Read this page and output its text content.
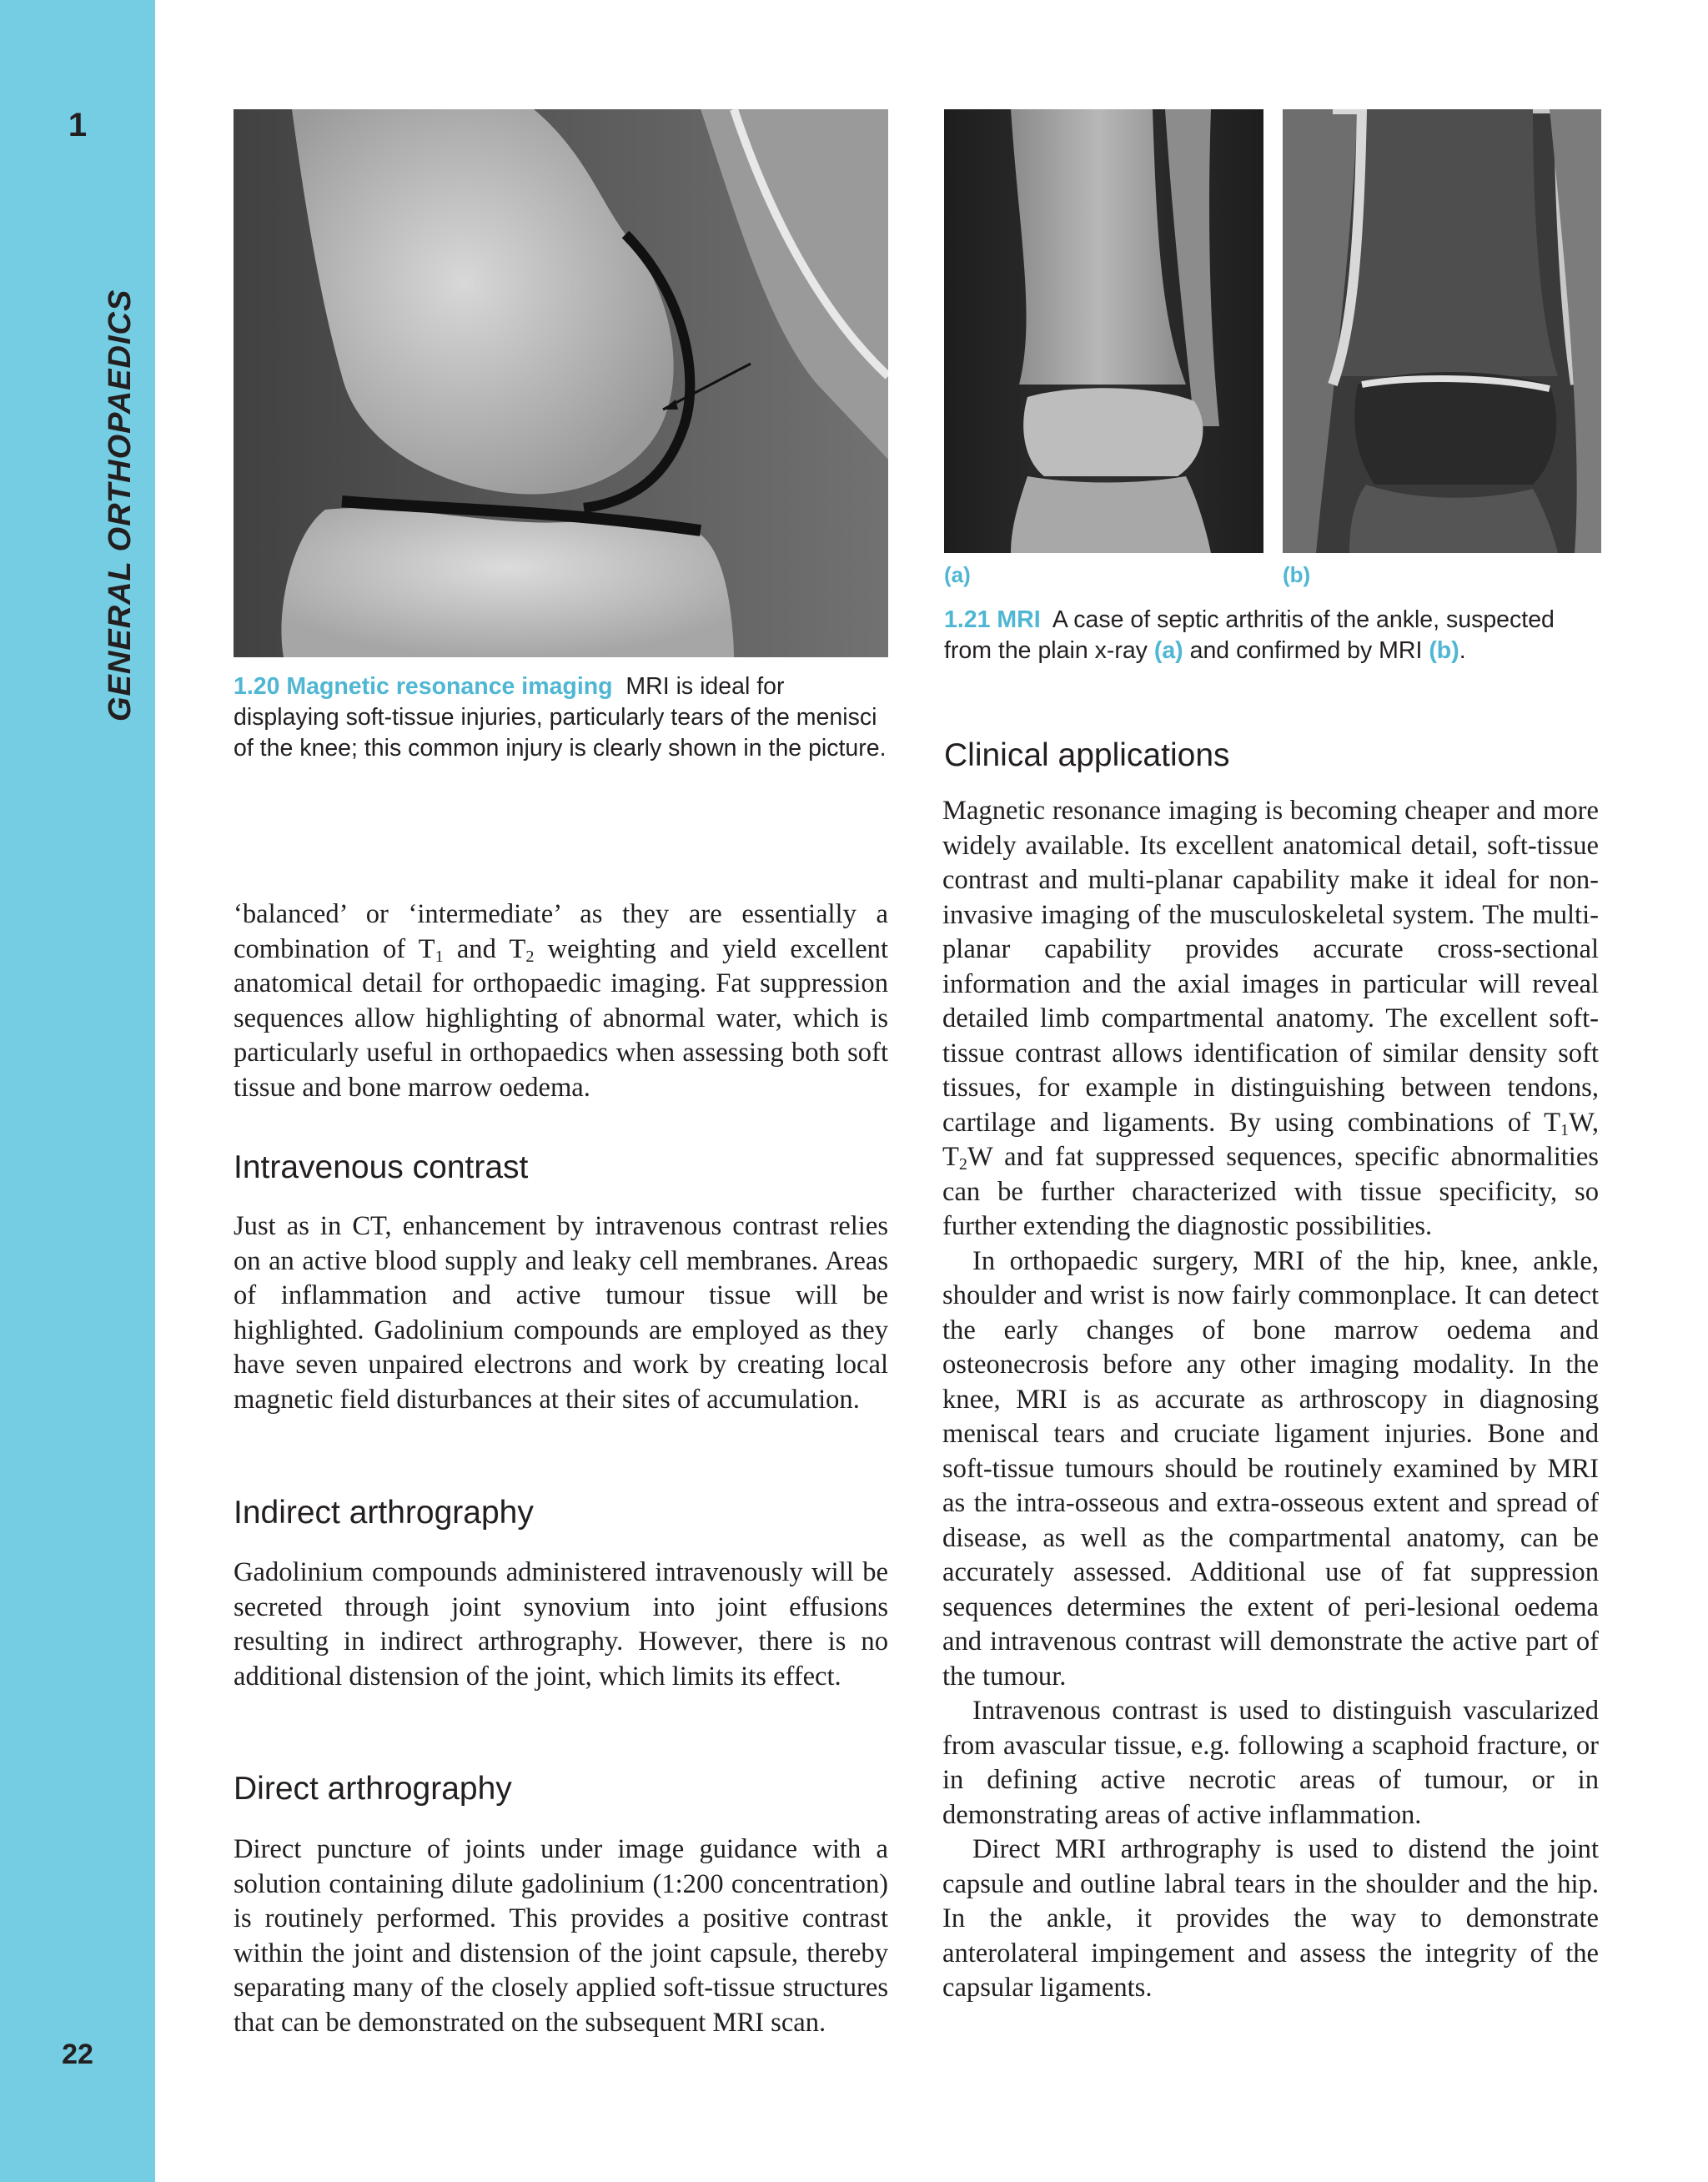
1
GENERAL ORTHOPAEDICS
22
1.20 Magnetic resonance imaging MRI is ideal for displaying soft-tissue injuries, particularly tears of the menisci of the knee; this common injury is clearly shown in the picture.
(a)	(b)
1.21 MRI A case of septic arthritis of the ankle, suspected from the plain x-ray (a) and confirmed by MRI (b).

‘balanced’ or ‘intermediate’ as they are essentially a combination of $T_1$ and $T_2$ weighting and yield excellent anatomical detail for orthopaedic imaging. Fat suppression sequences allow highlighting of abnormal water, which is particularly useful in orthopaedics when assessing both soft tissue and bone marrow oedema.

Intravenous contrast

Just as in CT, enhancement by intravenous contrast relies on an active blood supply and leaky cell membranes. Areas of inflammation and active tumour tissue will be highlighted. Gadolinium compounds are employed as they have seven unpaired electrons and work by creating local magnetic field disturbances at their sites of accumulation.

Indirect arthrography

Gadolinium compounds administered intravenously will be secreted through joint synovium into joint effusions resulting in indirect arthrography. However, there is no additional distension of the joint, which limits its effect.

Direct arthrography

Direct puncture of joints under image guidance with a solution containing dilute gadolinium (1:200 concentration) is routinely performed. This provides a positive contrast within the joint and distension of the joint capsule, thereby separating many of the closely applied soft-tissue structures that can be demonstrated on the subsequent MRI scan.

Clinical applications

Magnetic resonance imaging is becoming cheaper and more widely available. Its excellent anatomical detail, soft-tissue contrast and multi-planar capability make it ideal for non-invasive imaging of the musculoskeletal system. The multi-planar capability provides accurate cross-sectional information and the axial images in particular will reveal detailed limb compartmental anatomy. The excellent soft-tissue contrast allows identification of similar density soft tissues, for example in distinguishing between tendons, cartilage and ligaments. By using combinations of $T_1W$, $T_2W$ and fat suppressed sequences, specific abnormalities can be further characterized with tissue specificity, so further extending the diagnostic possibilities.

In orthopaedic surgery, MRI of the hip, knee, ankle, shoulder and wrist is now fairly commonplace. It can detect the early changes of bone marrow oedema and osteonecrosis before any other imaging modality. In the knee, MRI is as accurate as arthroscopy in diagnosing meniscal tears and cruciate ligament injuries. Bone and soft-tissue tumours should be routinely examined by MRI as the intra-osseous and extra-osseous extent and spread of disease, as well as the compartmental anatomy, can be accurately assessed. Additional use of fat suppression sequences determines the extent of peri-lesional oedema and intravenous contrast will demonstrate the active part of the tumour.

Intravenous contrast is used to distinguish vascularized from avascular tissue, e.g. following a scaphoid fracture, or in defining active necrotic areas of tumour, or in demonstrating areas of active inflammation.

Direct MRI arthrography is used to distend the joint capsule and outline labral tears in the shoulder and the hip. In the ankle, it provides the way to demonstrate anterolateral impingement and assess the integrity of the capsular ligaments.
